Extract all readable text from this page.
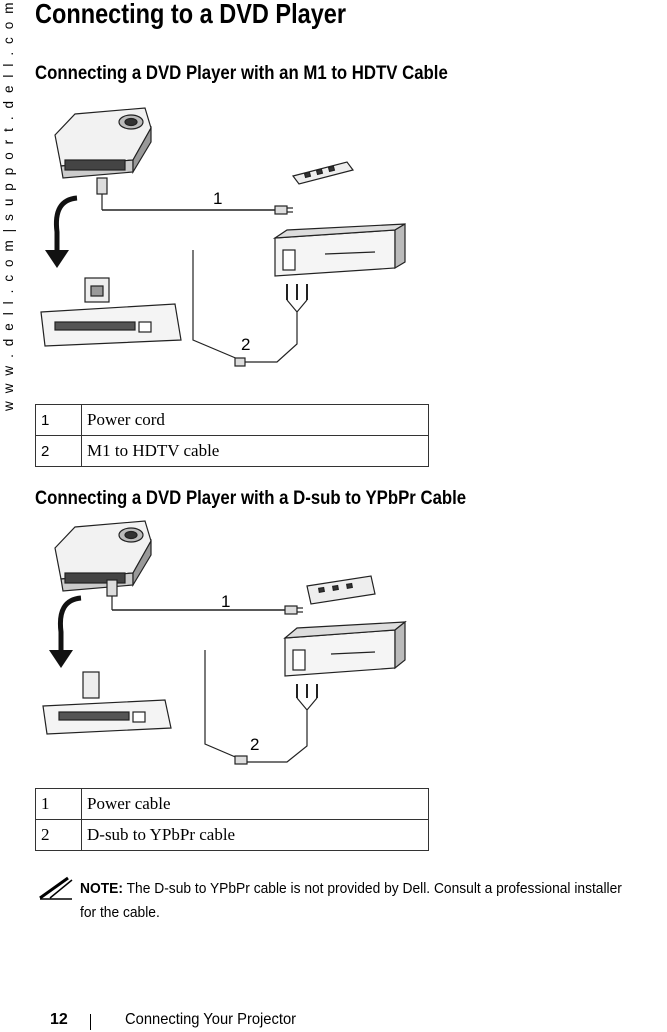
w w w . d e l l . c o m | s u p p o r t . d e l l . c o m Connecting to a DVD Player
Connecting a DVD Player with an M1 to HDTV Cable
1
2
1	Power cord
2	M1 to HDTV cable
Connecting a DVD Player with a D-sub to YPbPr Cable
1
2
1	Power cable
2	D-sub to YPbPr cable
NOTE: The D-sub to YPbPr cable is not provided by Dell. Consult a professional installer for the cable.
12	Connecting Your Projector
